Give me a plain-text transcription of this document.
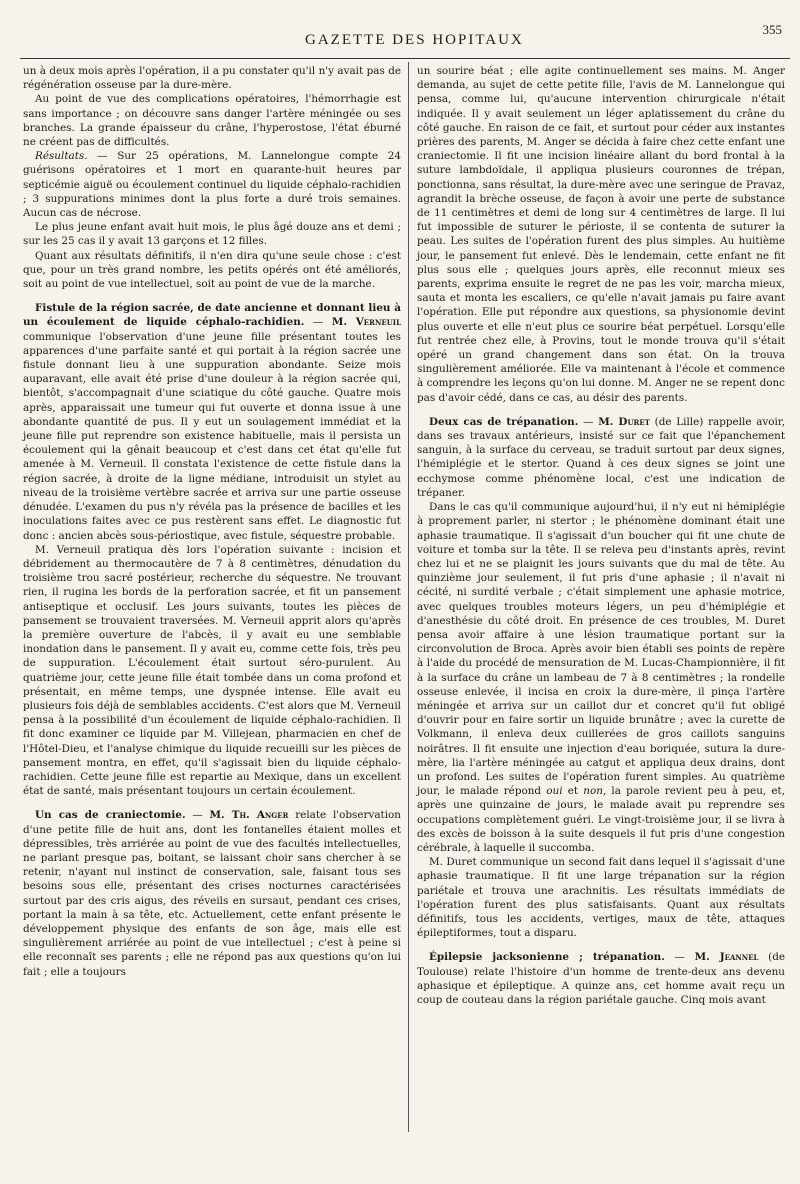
GAZETTE DES HOPITAUX
355

un à deux mois après l'opération, il a pu constater qu'il n'y avait pas de régénération osseuse par la dure-mère.

Au point de vue des complications opératoires, l'hémorrhagie est sans importance ; on découvre sans danger l'artère méningée ou ses branches. La grande épaisseur du crâne, l'hyperostose, l'état éburné ne créent pas de difficultés.

Résultats. — Sur 25 opérations, M. Lannelongue compte 24 guérisons opératoires et 1 mort en quarante-huit heures par septicémie aiguë ou écoulement continuel du liquide céphalo-rachidien ; 3 suppurations minimes dont la plus forte a duré trois semaines. Aucun cas de nécrose.

Le plus jeune enfant avait huit mois, le plus âgé douze ans et demi ; sur les 25 cas il y avait 13 garçons et 12 filles.

Quant aux résultats définitifs, il n'en dira qu'une seule chose : c'est que, pour un très grand nombre, les petits opérés ont été améliorés, soit au point de vue intellectuel, soit au point de vue de la marche.

Fistule de la région sacrée, de date ancienne et donnant lieu à un écoulement de liquide céphalo-rachidien. — M. Verneuil communique l'observation d'une jeune fille présentant toutes les apparences d'une parfaite santé et qui portait à la région sacrée une fistule donnant lieu à une suppuration abondante. Seize mois auparavant, elle avait été prise d'une douleur à la région sacrée qui, bientôt, s'accompagnait d'une sciatique du côté gauche. Quatre mois après, apparaissait une tumeur qui fut ouverte et donna issue à une abondante quantité de pus. Il y eut un soulagement immédiat et la jeune fille put reprendre son existence habituelle, mais il persista un écoulement qui la gênait beaucoup et c'est dans cet état qu'elle fut amenée à M. Verneuil. Il constata l'existence de cette fistule dans la région sacrée, à droite de la ligne médiane, introduisit un stylet au niveau de la troisième vertèbre sacrée et arriva sur une partie osseuse dénudée. L'examen du pus n'y révéla pas la présence de bacilles et les inoculations faites avec ce pus restèrent sans effet. Le diagnostic fut donc : ancien abcès sous-périostique, avec fistule, séquestre probable.

M. Verneuil pratiqua dès lors l'opération suivante : incision et débridement au thermocautère de 7 à 8 centimètres, dénudation du troisième trou sacré postérieur, recherche du séquestre. Ne trouvant rien, il rugina les bords de la perforation sacrée, et fit un pansement antiseptique et occlusif. Les jours suivants, toutes les pièces de pansement se trouvaient traversées. M. Verneuil apprit alors qu'après la première ouverture de l'abcès, il y avait eu une semblable inondation dans le pansement. Il y avait eu, comme cette fois, très peu de suppuration. L'écoulement était surtout séro-purulent. Au quatrième jour, cette jeune fille était tombée dans un coma profond et présentait, en même temps, une dyspnée intense. Elle avait eu plusieurs fois déjà de semblables accidents. C'est alors que M. Verneuil pensa à la possibilité d'un écoulement de liquide céphalo-rachidien. Il fit donc examiner ce liquide par M. Villejean, pharmacien en chef de l'Hôtel-Dieu, et l'analyse chimique du liquide recueilli sur les pièces de pansement montra, en effet, qu'il s'agissait bien du liquide céphalo-rachidien. Cette jeune fille est repartie au Mexique, dans un excellent état de santé, mais présentant toujours un certain écoulement.

Un cas de craniectomie. — M. Th. Anger relate l'observation d'une petite fille de huit ans, dont les fontanelles étaient molles et dépressibles, très arriérée au point de vue des facultés intellectuelles, ne parlant presque pas, boitant, se laissant choir sans chercher à se retenir, n'ayant nul instinct de conservation, sale, faisant tous ses besoins sous elle, présentant des crises nocturnes caractérisées surtout par des cris aigus, des réveils en sursaut, pendant ces crises, portant la main à sa tête, etc. Actuellement, cette enfant présente le développement physique des enfants de son âge, mais elle est singulièrement arriérée au point de vue intellectuel ; c'est à peine si elle reconnaît ses parents ; elle ne répond pas aux questions qu'on lui fait ; elle a toujours

un sourire béat ; elle agite continuellement ses mains. M. Anger demanda, au sujet de cette petite fille, l'avis de M. Lannelongue qui pensa, comme lui, qu'aucune intervention chirurgicale n'était indiquée. Il y avait seulement un léger aplatissement du crâne du côté gauche. En raison de ce fait, et surtout pour céder aux instantes prières des parents, M. Anger se décida à faire chez cette enfant une craniectomie. Il fit une incision linéaire allant du bord frontal à la suture lambdoïdale, il appliqua plusieurs couronnes de trépan, ponctionna, sans résultat, la dure-mère avec une seringue de Pravaz, agrandit la brèche osseuse, de façon à avoir une perte de substance de 11 centimètres et demi de long sur 4 centimètres de large. Il lui fut impossible de suturer le périoste, il se contenta de suturer la peau. Les suites de l'opération furent des plus simples. Au huitième jour, le pansement fut enlevé. Dès le lendemain, cette enfant ne fit plus sous elle ; quelques jours après, elle reconnut mieux ses parents, exprima ensuite le regret de ne pas les voir, marcha mieux, sauta et monta les escaliers, ce qu'elle n'avait jamais pu faire avant l'opération. Elle put répondre aux questions, sa physionomie devint plus ouverte et elle n'eut plus ce sourire béat perpétuel. Lorsqu'elle fut rentrée chez elle, à Provins, tout le monde trouva qu'il s'était opéré un grand changement dans son état. On la trouva singulièrement améliorée. Elle va maintenant à l'école et commence à comprendre les leçons qu'on lui donne. M. Anger ne se repent donc pas d'avoir cédé, dans ce cas, au désir des parents.

Deux cas de trépanation. — M. Duret (de Lille) rappelle avoir, dans ses travaux antérieurs, insisté sur ce fait que l'épanchement sanguin, à la surface du cerveau, se traduit surtout par deux signes, l'hémiplégie et le stertor. Quand à ces deux signes se joint une ecchymose comme phénomène local, c'est une indication de trépaner.

Dans le cas qu'il communique aujourd'hui, il n'y eut ni hémiplégie à proprement parler, ni stertor ; le phénomène dominant était une aphasie traumatique. Il s'agissait d'un boucher qui fit une chute de voiture et tomba sur la tête. Il se releva peu d'instants après, revint chez lui et ne se plaignit les jours suivants que du mal de tête. Au quinzième jour seulement, il fut pris d'une aphasie ; il n'avait ni cécité, ni surdité verbale ; c'était simplement une aphasie motrice, avec quelques troubles moteurs légers, un peu d'hémiplégie et d'anesthésie du côté droit. En présence de ces troubles, M. Duret pensa avoir affaire à une lésion traumatique portant sur la circonvolution de Broca. Après avoir bien établi ses points de repère à l'aide du procédé de mensuration de M. Lucas-Championnière, il fit à la surface du crâne un lambeau de 7 à 8 centimètres ; la rondelle osseuse enlevée, il incisa en croix la dure-mère, il pinça l'artère méningée et arriva sur un caillot dur et concret qu'il fut obligé d'ouvrir pour en faire sortir un liquide brunâtre ; avec la curette de Volkmann, il enleva deux cuillerées de gros caillots sanguins noirâtres. Il fit ensuite une injection d'eau boriquée, sutura la dure-mère, lia l'artère méningée au catgut et appliqua deux drains, dont un profond. Les suites de l'opération furent simples. Au quatrième jour, le malade répond oui et non, la parole revient peu à peu, et, après une quinzaine de jours, le malade avait pu reprendre ses occupations complètement guéri. Le vingt-troisième jour, il se livra à des excès de boisson à la suite desquels il fut pris d'une congestion cérébrale, à laquelle il succomba.

M. Duret communique un second fait dans lequel il s'agissait d'une aphasie traumatique. Il fit une large trépanation sur la région pariétale et trouva une arachnitis. Les résultats immédiats de l'opération furent des plus satisfaisants. Quant aux résultats définitifs, tous les accidents, vertiges, maux de tête, attaques épileptiformes, tout a disparu.

Épilepsie jacksonienne ; trépanation. — M. Jeannel (de Toulouse) relate l'histoire d'un homme de trente-deux ans devenu aphasique et épileptique. A quinze ans, cet homme avait reçu un coup de couteau dans la région pariétale gauche. Cinq mois avant
